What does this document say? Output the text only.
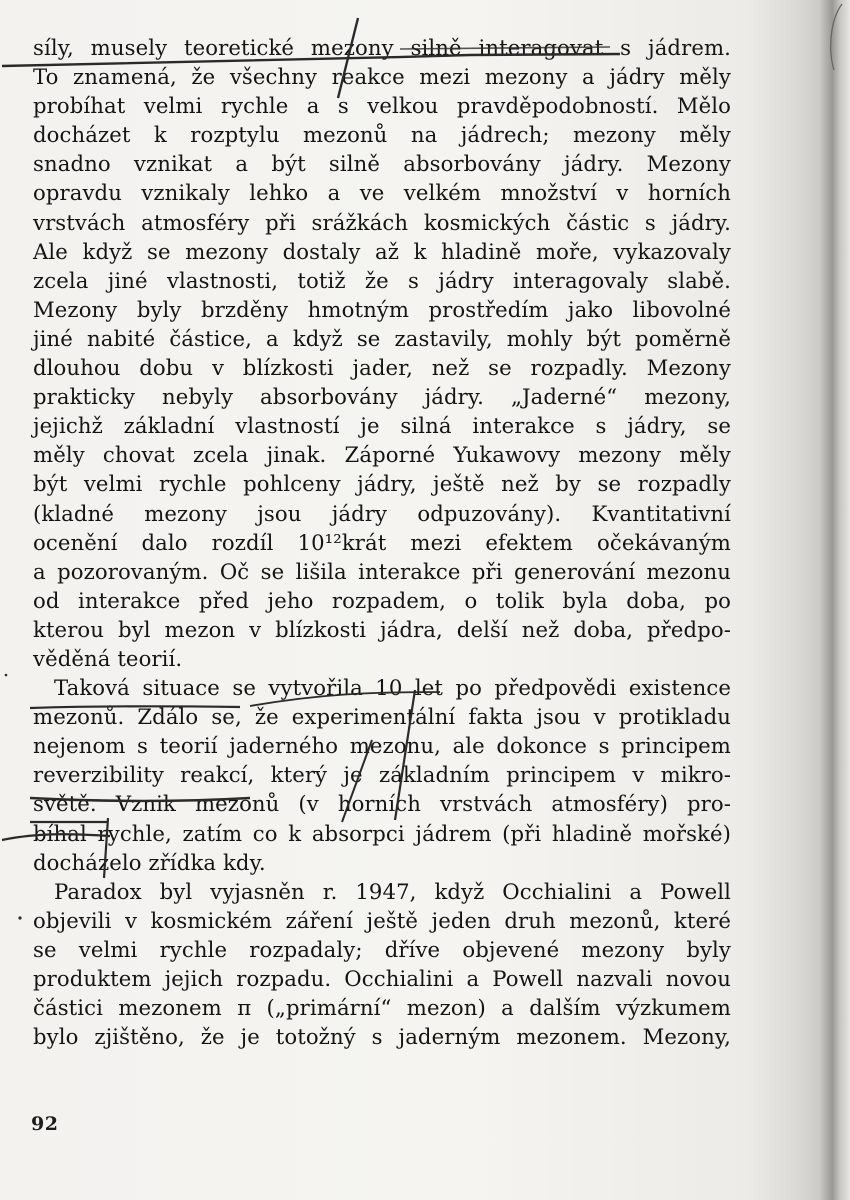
síly, musely teoretické mezony silně interagovat s jádrem.
To znamená, že všechny reakce mezi mezony a jádry měly
probíhat velmi rychle a s velkou pravděpodobností. Mělo
docházet k rozptylu mezonů na jádrech; mezony měly
snadno vznikat a být silně absorbovány jádry. Mezony
opravdu vznikaly lehko a ve velkém množství v horních
vrstvách atmosféry při srážkách kosmických částic s jádry.
Ale když se mezony dostaly až k hladině moře, vykazovaly
zcela jiné vlastnosti, totiž že s jádry interagovaly slabě.
Mezony byly brzděny hmotným prostředím jako libovolné
jiné nabité částice, a když se zastavily, mohly být poměrně
dlouhou dobu v blízkosti jader, než se rozpadly. Mezony
prakticky nebyly absorbovány jádry. „Jaderné“ mezony,
jejichž základní vlastností je silná interakce s jádry, se
měly chovat zcela jinak. Záporné Yukawovy mezony měly
být velmi rychle pohlceny jádry, ještě než by se rozpadly
(kladné mezony jsou jádry odpuzovány). Kvantitativní
ocenění dalo rozdíl 10¹²krát mezi efektem očekávaným
a pozorovaným. Oč se lišila interakce při generování mezonu
od interakce před jeho rozpadem, o tolik byla doba, po
kterou byl mezon v blízkosti jádra, delší než doba, předpo-
věděná teorií.
Taková situace se vytvořila 10 let po předpovědi existence
mezonů. Zdálo se, že experimentální fakta jsou v protikladu
nejenom s teorií jaderného mezonu, ale dokonce s principem
reverzibility reakcí, který je základním principem v mikro-
světě. Vznik mezonů (v horních vrstvách atmosféry) pro-
bíhal rychle, zatím co k absorpci jádrem (při hladině mořské)
docházelo zřídka kdy.
Paradox byl vyjasněn r. 1947, když Occhialini a Powell
objevili v kosmickém záření ještě jeden druh mezonů, které
se velmi rychle rozpadaly; dříve objevené mezony byly
produktem jejich rozpadu. Occhialini a Powell nazvali novou
částici mezonem π („primární“ mezon) a dalším výzkumem
bylo zjištěno, že je totožný s jaderným mezonem. Mezony,
92
